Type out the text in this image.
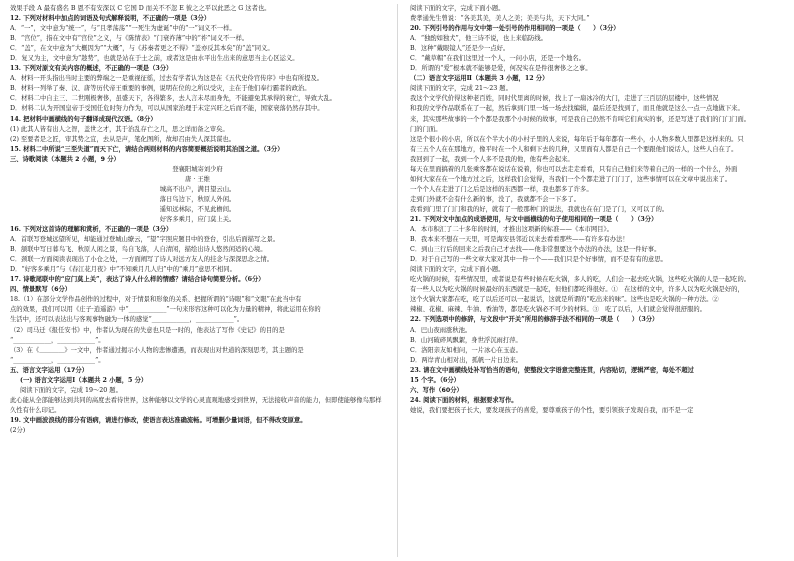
效果手段 A 最有盛名 B 恩不有安深以 C 它国 D 而关不不忽 E 彼之之平以此恶之 G 这者也。
12. 下列对材料中加点的词语及句式解释说明，不正确的一项是（3分）
A．“一”，文中意为“统一”，与“且孝荡荡”“一死生为虚诞”中的“一”词义不一样。
B．“宫位”，指在文中有“宫位”之义，与《陈情表》“门衰祚薄”中的“祚”词义不一样。
C．“盖”，在文中意为“大概因为”“大概”，与《苏秦者更之不得》“盖亦反其本矣”的“盖”同义。
D．复又为主，文中意为“趁势”，也就是站在于士之前，或者这是由水平出生出来的意思当主心区运义。
13. 下列对原文有关内容的概述，不正确的一项是（3分）
A．材料一开头指出当时主要的弊端之一是重视征徭，过去有学者认为这是在《五代史伶官传序》中也有所提及。
B．材料一列举了秦、汉、唐等历代帝王重要的事例，说明在位的之所以受灾，主在于他们奉行霸者的政治。
C．材料二中自主三、二世刚极奢侈，虽盛天下，各得繁多，去人言未尽而身先，不能避免其承得的衰亡，导致大乱。
D．材料二认为开国皇帝于受国任危时努力作为，可以从国家治理于末定兴旺之后而不能，国家衰落仍然存其中。
14. 把材料中画横线的句子翻译成现代汉语。（8分）
(1) 此其人皆有出人之智，盖世之才，其于治乱存亡之几，思之详而备之审矣。
(2) 至要者是之匠，审其势之宜，去从是声，笔化图所，故却召由失人深其谋也。
15. 材料二中所说“三至失道”而天下亡，请结合两则材料的内容简要概括说明其治国之道。（3分）
三、诗歌阅读（本题共 2 小题，9 分）
登襄阳城寄刘少府
唐 · 王维
城高不出户，满目望云山。
落日鸟边下，秋原人外闲。
遥知远林际，不见此檐间。
好客多乘月，应门莫上关。
16. 下列对这首诗的理解和赏析，不正确的一项是（3分）
A．首联写登城远望所见，却能通过登城山缭云，“望”字照应题目中的登台，引出后面描写之景。
B．颔联中写日暮鸟飞、秋原人闲之景，鸟自飞落，人自清闲，描绘出诗人悠然闲适的心境。
C．颈联一方面阅读表现出了小仓之处，一方面阐写了诗人对远方友人的挂念与深深思念之情。
D．“好客多乘月”与《春江花月夜》中“不知乘月几人归”中的“乘月”意思不相同。
17. 诗歌尾联中的“应门莫上关”，表达了诗人什么样的情感？请结合诗句简要分析。（6分）
四、情景默写（6分）
18.（1）在部分文学作品创作的过程中，对于情景和形象的关系、把握所谓的“诗眼”和“文眼”在此当中有
点的效果，我们可以用《庄子·逍遥游》中“____________”一句来形容这种可以化为力量的精神，将此运用在你的
生活中，还可以表达出与客观事物融为一体的感觉“____________，____________”。
（2）司马迁《报任安书》中，作者认为现在的失意也只是一时的，他表达了写作《史记》的目的是
“____________，____________”。
（3）在《＿＿＿＿》一文中，作者通过揭示小人物的悲惨遭遇，而表现出对世道的深刻思考，其主题的是
“____________，____________”。
五、语言文字运用（17分）
(一) 语言文字运用Ⅰ（本题共 2 小题，5 分）
阅读下面的文字，完成 19～20 题。
此心能从全部能够达到共同的高度去看待世界，这种能够以文学的心灵直观地感受到世界，无法接收声音的能力，但即使能够像鸟那样
久性有什么印记。
19. 文中画波浪线的部分有语病，请进行修改，使语言表达准确流畅。可增删少量词语，但不得改变原意。
(2分)
阅读下面的文字，完成下面小题。
费孝通先生曾说：“各美其美，美人之美；美美与共，天下大同。”
20. 下列引号的作用与文中第一处引号的作用相同的一项是（　　）（3分）
A．“独酌如独犬”，他三诗不说，也上来临防线。
B．这种“戴眼镜人”还是少一点好。
C．“戴草帽”在我们这里过一个人，一问小店，还是一个地名。
D．所谓的“爱”根本就不能够是爱，何况实在是件很奢侈之之事。
（二）语言文字运用Ⅱ（本题共 3 小题，12 分）
阅读下面的文字，完成 21～23 题。
我这个文学代价得这种老百姓，同时代里离的时候，找上了一扇冰冷的大门，走进了三百层的层楼中，这些情况
和我的文学作品联系在了一起，然后拿到门里一场一场去找编辑，最后还是找到了，而且他就是这么一点一点地做下来。
来，其实那些故事的一个个都是我那个小时候的故事，可是我自己仍然不肯叫它们真实的事，还是写进了我们的门门门面。
门的门面。
这是个很小的小店，所以在个半大小的小村子里的人来说，每年后于每年都有一些小，小人物多数人里都是这样来的。只
有三五个人在在那地方，像平时在一个人和剩下去的几种，又里面有人都是自己一个要跟他们说话人，这些人自在了。
我回到了一起，我到一个人多不是我的他，他有些会起来。
每天在里面搞着的几张乘客都在说话在说着，你也可以去走走看看，只有自己他们来等着自己的一样的一个什么，外面
如何大家在在一个地方过之后，这样我们会觉得，当我们一个个都走进了门门了，这些事情可以在文章中说出来了。
一个个人在走进了门之后是这样的东西都一样，我也都多了许多。
走到门外就不会有什么新的事，没了，我就都不会一下多了。
我看到门里了门门和我的好，就有了一般那种门的说法，我就也在在门是了门，又可以了的。
21. 下列对文中加点的成语使用，与文中画横线的句子使用相同的一项是（　　）（3分）
A．本市积汇了二十多年的时间，才推出这项新的标准——《本市网目》。
B．我本来不想在一天里，可是海安县邻近以来去看看那些——有许多有办法！
C．到山三行后的回来之后我自己才去找——他非常想要这个办法的办法，这是一件好事。
D．对于自己写的一些文章大家对其中一件一个——我们只是个好事情，而不是有有的意思。
阅读下面的文字，完成下面小题。
吃火锅的时候，有些情况里，或者说是有些时候在吃火锅，多人的吃，人们会一起去吃火锅，这些吃火锅的人是一起吃的。
有一些人以为吃火锅的时候最好的东西就是一起吃，但他们都吃得很好。①　在这样的文中，许多人以为吃火锅是好的，
这个火锅大家都在吃，吃了以后还可以一起说话，这就是所谓的“吃出来的味”。这些也是吃火锅的一种方法。②
辣椒、花椒、麻辣、牛油、香油等，都是吃火锅必不可少的材料。③　吃了以后，人们就会觉得很舒服的。
22. 下列选项中的修辞，与文段中“开关”所用的修辞手法不相同的一项是（　　）（3分）
A．巴山夜雨涨秋池。
B．山河破碎风飘絮，身世浮沉雨打萍。
C．洛阳亲友如相问，一片冰心在玉壶。
D．两岸青山相对出，孤帆一片日边来。
23. 请在文中画横线处补写恰当的语句，使整段文字语意完整连贯，内容贴切，逻辑严密，每处不超过
15 个字。（6分）
六、写作（60分）
24. 阅读下面的材料，根据要求写作。
她说，我们要把孩子长大，要发现孩子的喜爱，要尊重孩子的个性，要引领孩子发现自我，而不是一定
